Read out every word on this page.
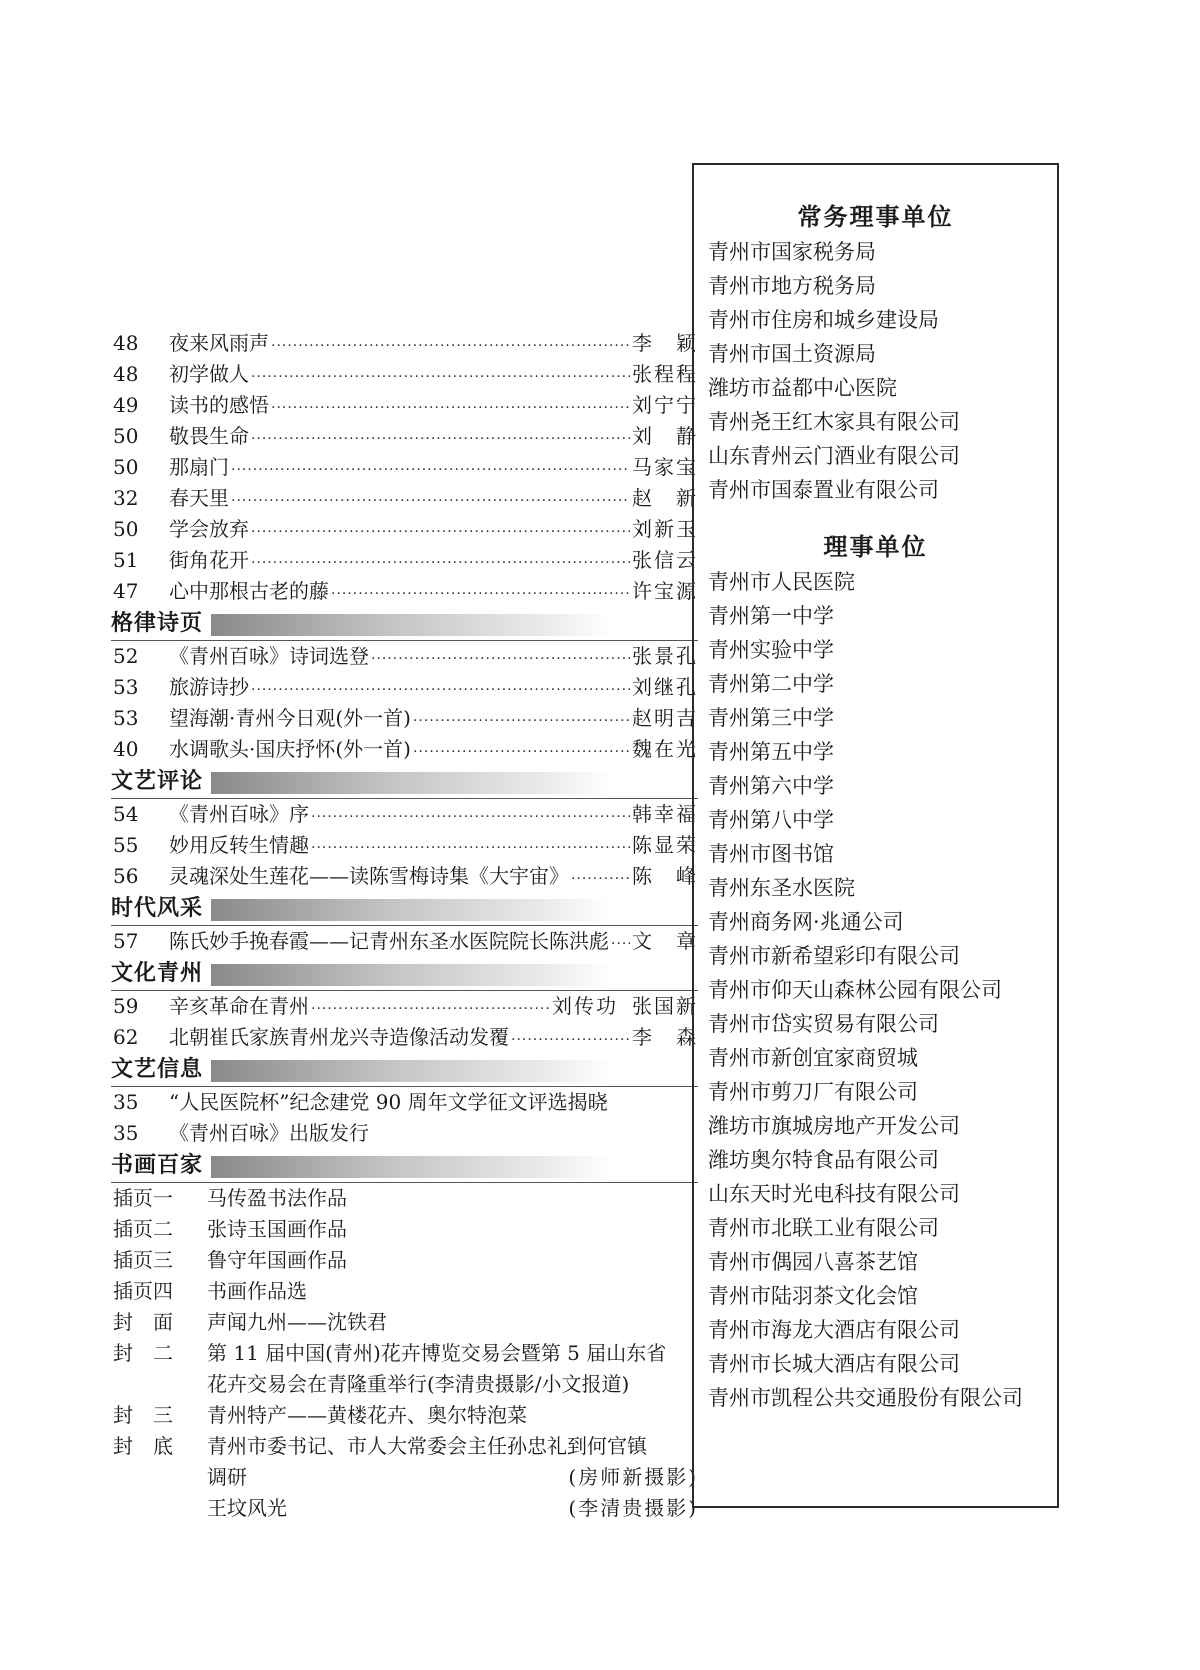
48	夜来风雨声 ·····	李　颖
48	初学做人 ·····	张程程
49	读书的感悟 ·····	刘宁宁
50	敬畏生命 ·····	刘　静
50	那扇门 ·····	马家宝
32	春天里 ·····	赵　新
50	学会放弃 ·····	刘新玉
51	街角花开 ·····	张信云
47	心中那根古老的藤 ·····	许宝源
格律诗页
52	《青州百咏》诗词选登 ·····	张景孔
53	旅游诗抄 ·····	刘继孔
53	望海潮·青州今日观(外一首) ·····	赵明吉
40	水调歌头·国庆抒怀(外一首) ·····	魏在光
文艺评论
54	《青州百咏》序 ·····	韩幸福
55	妙用反转生情趣 ·····	陈显荣
56	灵魂深处生莲花——读陈雪梅诗集《大宇宙》 ·····	陈　峰
时代风采
57	陈氏妙手挽春霞——记青州东圣水医院院长陈洪彪 ····· 文　章
文化青州
59	辛亥革命在青州 ·····	刘传功 张国新
62	北朝崔氏家族青州龙兴寺造像活动发覆 ·····	李　森
文艺信息
35	“人民医院杯”纪念建党 90 周年文学征文评选揭晓
35	《青州百咏》出版发行
书画百家
插页一	马传盈书法作品
插页二	张诗玉国画作品
插页三	鲁守年国画作品
插页四	书画作品选
封　面	声闻九州——沈铁君
封　二	第 11 届中国(青州)花卉博览交易会暨第 5 届山东省
花卉交易会在青隆重举行(李清贵摄影/小文报道)
封　三	青州特产——黄楼花卉、奥尔特泡菜
封　底	青州市委书记、市人大常委会主任孙忠礼到何官镇
调研	(房师新摄影)
王坟风光	(李清贵摄影)
常务理事单位
青州市国家税务局
青州市地方税务局
青州市住房和城乡建设局
青州市国土资源局
潍坊市益都中心医院
青州尧王红木家具有限公司
山东青州云门酒业有限公司
青州市国泰置业有限公司
理事单位
青州市人民医院
青州第一中学
青州实验中学
青州第二中学
青州第三中学
青州第五中学
青州第六中学
青州第八中学
青州市图书馆
青州东圣水医院
青州商务网·兆通公司
青州市新希望彩印有限公司
青州市仰天山森林公园有限公司
青州市岱实贸易有限公司
青州市新创宜家商贸城
青州市剪刀厂有限公司
潍坊市旗城房地产开发公司
潍坊奥尔特食品有限公司
山东天时光电科技有限公司
青州市北联工业有限公司
青州市偶园八喜茶艺馆
青州市陆羽茶文化会馆
青州市海龙大酒店有限公司
青州市长城大酒店有限公司
青州市凯程公共交通股份有限公司
